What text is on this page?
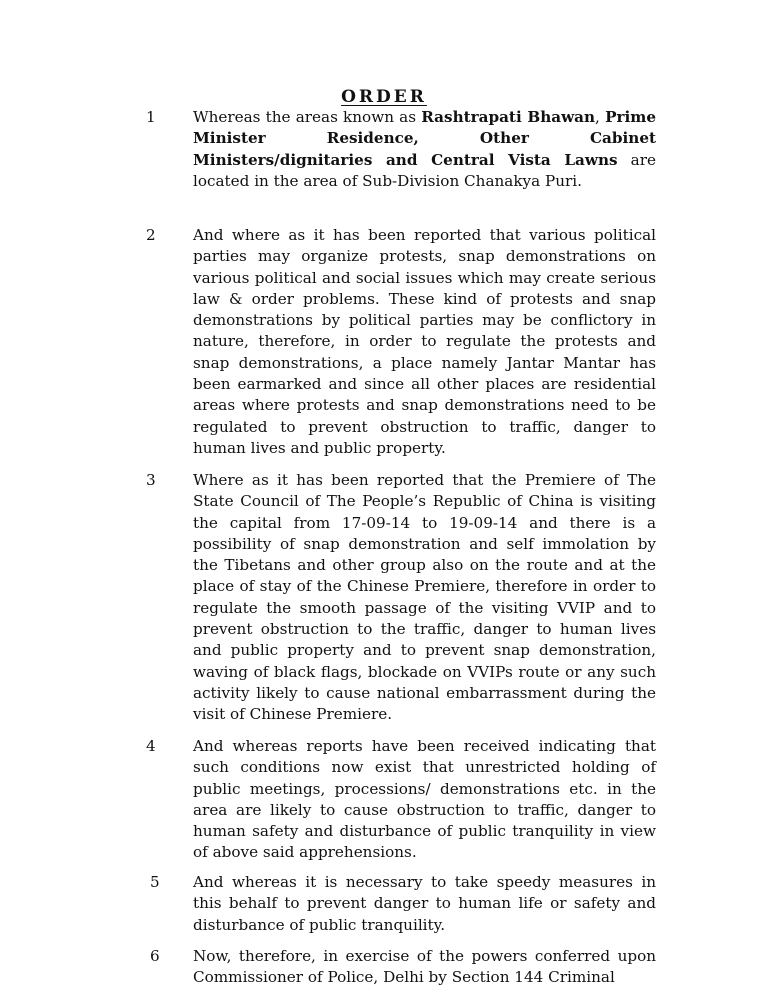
ORDER
1 Whereas the areas known as Rashtrapati Bhawan, Prime Minister Residence, Other Cabinet Ministers/dignitaries and Central Vista Lawns are located in the area of Sub-Division Chanakya Puri.
2 And where as it has been reported that various political parties may organize protests, snap demonstrations on various political and social issues which may create serious law & order problems. These kind of protests and snap demonstrations by political parties may be conflictory in nature, therefore, in order to regulate the protests and snap demonstrations, a place namely Jantar Mantar has been earmarked and since all other places are residential areas where protests and snap demonstrations need to be regulated to prevent obstruction to traffic, danger to human lives and public property.
3 Where as it has been reported that the Premiere of The State Council of The People’s Republic of China is visiting the capital from 17-09-14 to 19-09-14 and there is a possibility of snap demonstration and self immolation by the Tibetans and other group also on the route and at the place of stay of the Chinese Premiere, therefore in order to regulate the smooth passage of the visiting VVIP and to prevent obstruction to the traffic, danger to human lives and public property and to prevent snap demonstration, waving of black flags, blockade on VVIPs route or any such activity likely to cause national embarrassment during the visit of Chinese Premiere.
4 And whereas reports have been received indicating that such conditions now exist that unrestricted holding of public meetings, processions/ demonstrations etc. in the area are likely to cause obstruction to traffic, danger to human safety and disturbance of public tranquility in view of above said apprehensions.
5 And whereas it is necessary to take speedy measures in this behalf to prevent danger to human life or safety and disturbance of public tranquility.
6 Now, therefore, in exercise of the powers conferred upon Commissioner of Police, Delhi by Section 144 Criminal
